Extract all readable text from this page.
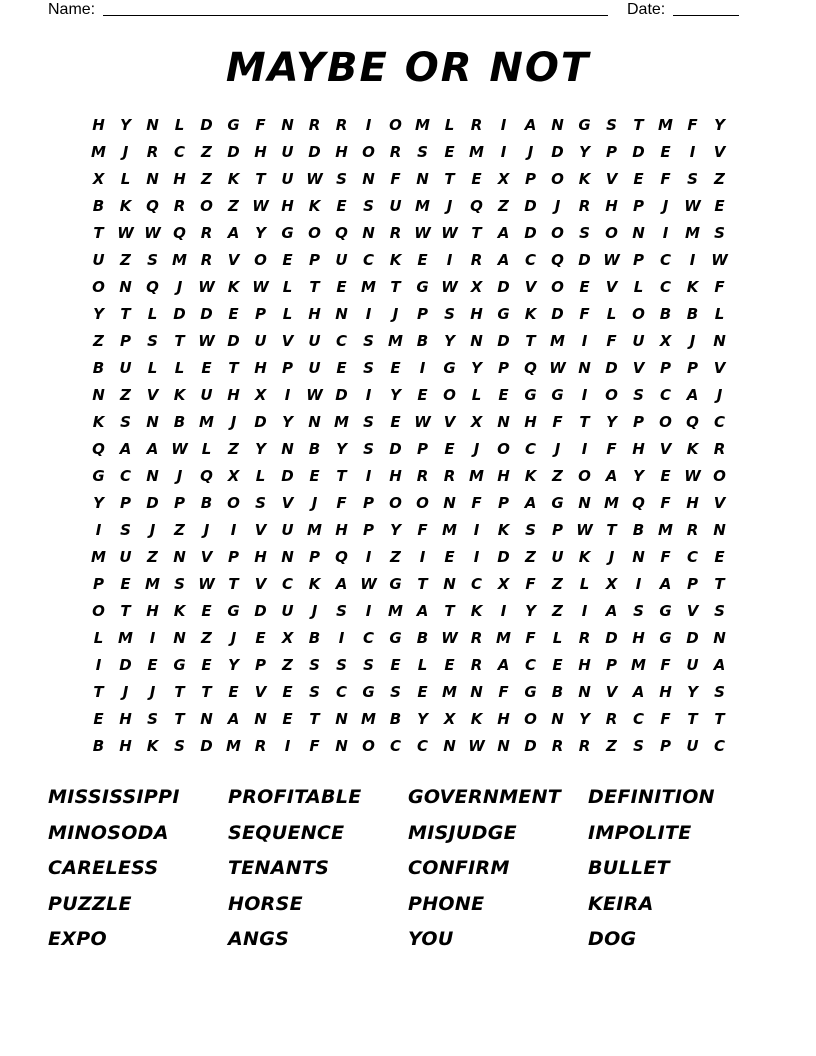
Name:	Date:
MAYBE OR NOT
H	Y	N	L	D G	F	N R	R	I	O M L	R	I	A N G	S	T M F	Y
M	J	R	C	Z	D H U D H O R	S	E M	I	J	D	Y	P	D	E	I	V
X	L	N H	Z	K	T	U W S	N	F	N	T	E	X	P	O K	V	E	F	S	Z
B	K Q R O	Z W H K	E	S	U M	J	Q	Z	D	J	R H	P	J	W E
T W W Q R	A	Y	G O Q N R W W T	A D O	S	O N	I	M S
U	Z	S M R	V O	E	P	U	C	K	E	I	R	A	C	Q D W P	C	I	W
O N Q	J	W K W L	T	E M T	G W X D V O	E	V	L	C	K	F
Y	T	L	D D	E	P	L	H N	I	J	P	S	H G	K D	F	L	O B	B	L
Z	P	S	T W D U	V	U	C	S M B	Y	N D	T M	I	F	U	X	J	N
B	U	L	L	E	T	H	P	U	E	S	E	I	G	Y	P	Q W N D V	P	P	V
N	Z	V	K	U H X	I	W D	I	Y	E	O	L	E	G G	I	O	S	C	A	J
K	S	N	B M	J	D	Y	N M S	E W V	X N H	F	T	Y	P	O Q	C
Q A	A W L	Z	Y	N	B	Y	S	D	P	E	J	O	C	J	I	F	H V	K	R
G	C	N	J	Q X	L	D	E	T	I	H R	R M H K	Z	O A	Y	E W O
Y	P	D	P	B O	S	V	J	F	P	O O N	F	P	A	G N M Q	F	H V
I	S	J	Z	J	I	V	U M H	P	Y	F M	I	K	S	P W T	B M R N
M U	Z	N V	P	H N	P	Q	I	Z	I	E	I	D	Z	U	K	J	N	F	C	E
P	E M S W T	V	C	K	A W G	T	N	C	X	F	Z	L	X	I	A	P	T
O	T	H K	E	G D U	J	S	I	M A	T	K	I	Y	Z	I	A	S	G	V	S
L M	I	N	Z	J	E	X	B	I	C	G	B W R M F	L	R D H G D N
I	D	E	G	E	Y	P	Z	S	S	S	E	L	E	R	A	C	E	H	P M F	U	A
T	J	J	T	T	E	V	E	S	C	G	S	E M N	F	G	B	N V	A H	Y	S
E	H	S	T	N A N	E	T	N M B	Y	X	K H O N	Y	R	C	F	T	T
B	H K	S	D M R	I	F	N O	C	C	N W N D	R	R	Z	S	P	U	C
MISSISSIPPI	PROFITABLE	GOVERNMENT	DEFINITION
MINOSODA	SEQUENCE	MISJUDGE	IMPOLITE
CARELESS	TENANTS	CONFIRM	BULLET
PUZZLE	HORSE	PHONE	KEIRA
EXPO	ANGS	YOU	DOG
